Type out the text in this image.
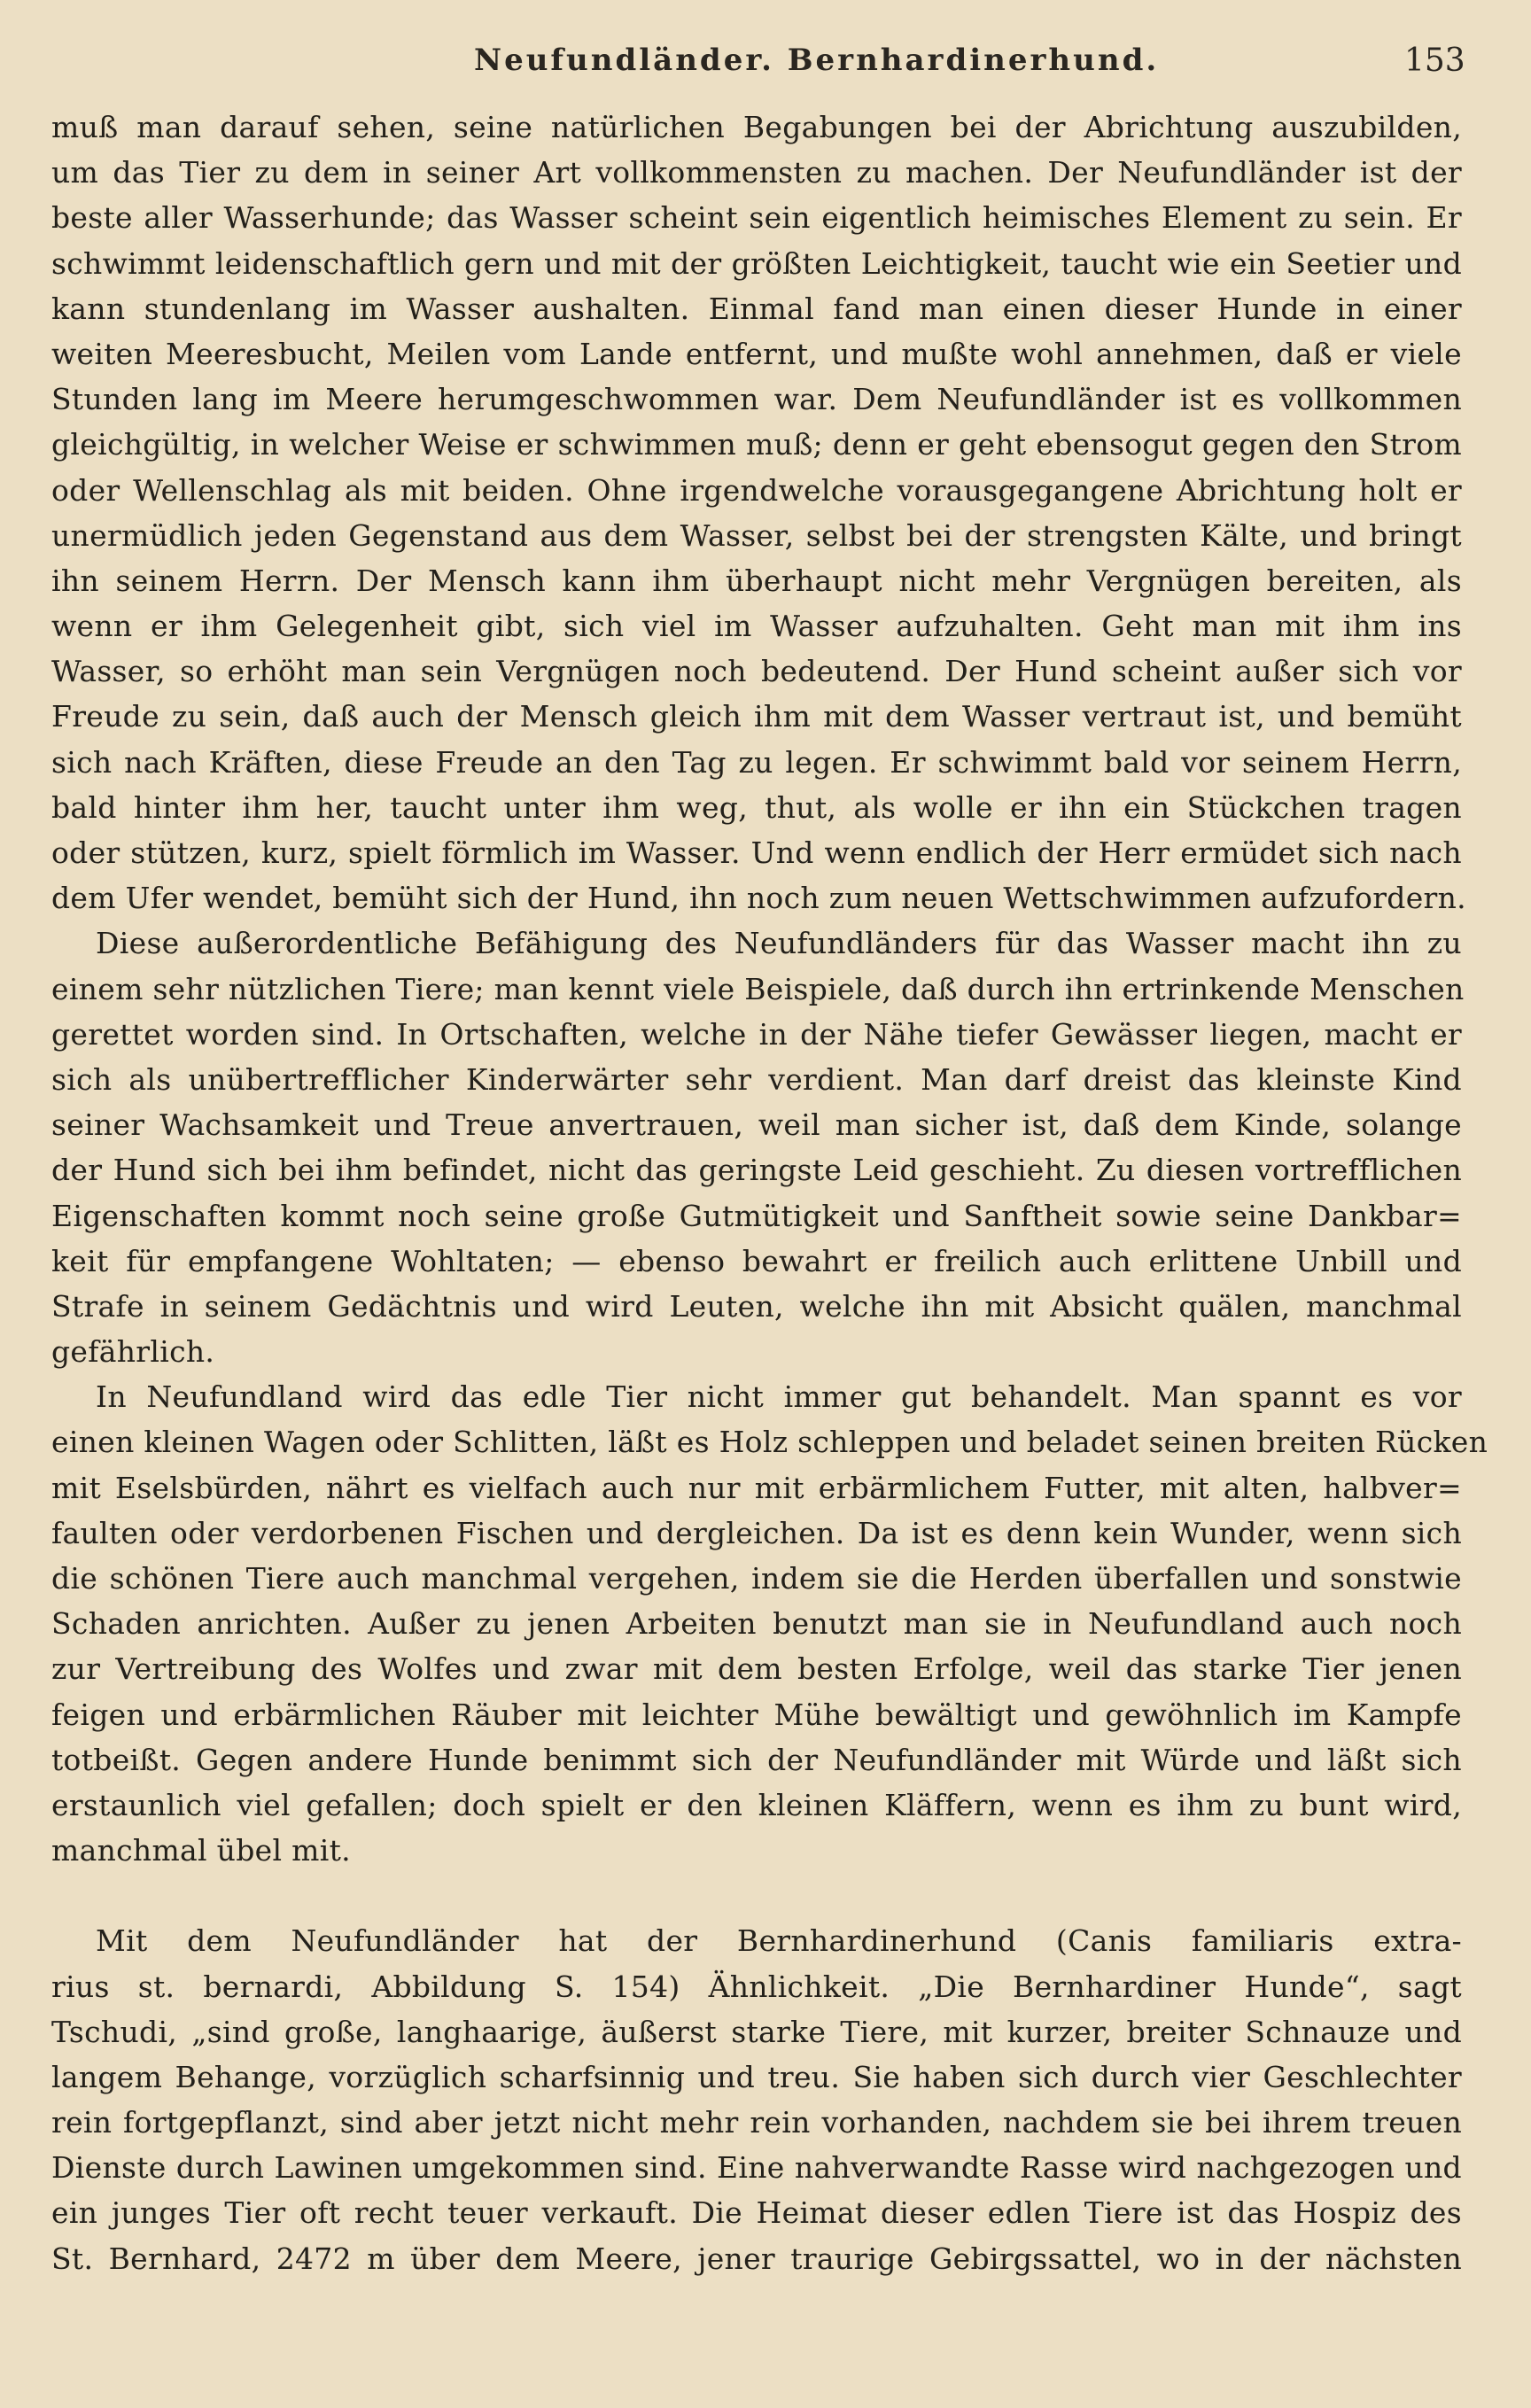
Neufundländer. Bernhardinerhund.	153
muß man darauf sehen, seine natürlichen Begabungen bei der Abrichtung auszubilden,
um das Tier zu dem in seiner Art vollkommensten zu machen. Der Neufundländer ist der
beste aller Wasserhunde; das Wasser scheint sein eigentlich heimisches Element zu sein. Er
schwimmt leidenschaftlich gern und mit der größten Leichtigkeit, taucht wie ein Seetier und
kann stundenlang im Wasser aushalten. Einmal fand man einen dieser Hunde in einer
weiten Meeresbucht, Meilen vom Lande entfernt, und mußte wohl annehmen, daß er viele
Stunden lang im Meere herumgeschwommen war. Dem Neufundländer ist es vollkommen
gleichgültig, in welcher Weise er schwimmen muß; denn er geht ebensogut gegen den Strom
oder Wellenschlag als mit beiden. Ohne irgendwelche vorausgegangene Abrichtung holt er
unermüdlich jeden Gegenstand aus dem Wasser, selbst bei der strengsten Kälte, und bringt
ihn seinem Herrn. Der Mensch kann ihm überhaupt nicht mehr Vergnügen bereiten, als
wenn er ihm Gelegenheit gibt, sich viel im Wasser aufzuhalten. Geht man mit ihm ins
Wasser, so erhöht man sein Vergnügen noch bedeutend. Der Hund scheint außer sich vor
Freude zu sein, daß auch der Mensch gleich ihm mit dem Wasser vertraut ist, und bemüht
sich nach Kräften, diese Freude an den Tag zu legen. Er schwimmt bald vor seinem Herrn,
bald hinter ihm her, taucht unter ihm weg, thut, als wolle er ihn ein Stückchen tragen
oder stützen, kurz, spielt förmlich im Wasser. Und wenn endlich der Herr ermüdet sich nach
dem Ufer wendet, bemüht sich der Hund, ihn noch zum neuen Wettschwimmen aufzufordern.
Diese außerordentliche Befähigung des Neufundländers für das Wasser macht ihn zu
einem sehr nützlichen Tiere; man kennt viele Beispiele, daß durch ihn ertrinkende Menschen
gerettet worden sind. In Ortschaften, welche in der Nähe tiefer Gewässer liegen, macht er
sich als unübertrefflicher Kinderwärter sehr verdient. Man darf dreist das kleinste Kind
seiner Wachsamkeit und Treue anvertrauen, weil man sicher ist, daß dem Kinde, solange
der Hund sich bei ihm befindet, nicht das geringste Leid geschieht. Zu diesen vortrefflichen
Eigenschaften kommt noch seine große Gutmütigkeit und Sanftheit sowie seine Dankbar=
keit für empfangene Wohltaten; — ebenso bewahrt er freilich auch erlittene Unbill und
Strafe in seinem Gedächtnis und wird Leuten, welche ihn mit Absicht quälen, manchmal
gefährlich.
In Neufundland wird das edle Tier nicht immer gut behandelt. Man spannt es vor
einen kleinen Wagen oder Schlitten, läßt es Holz schleppen und beladet seinen breiten Rücken
mit Eselsbürden, nährt es vielfach auch nur mit erbärmlichem Futter, mit alten, halbver=
faulten oder verdorbenen Fischen und dergleichen. Da ist es denn kein Wunder, wenn sich
die schönen Tiere auch manchmal vergehen, indem sie die Herden überfallen und sonstwie
Schaden anrichten. Außer zu jenen Arbeiten benutzt man sie in Neufundland auch noch
zur Vertreibung des Wolfes und zwar mit dem besten Erfolge, weil das starke Tier jenen
feigen und erbärmlichen Räuber mit leichter Mühe bewältigt und gewöhnlich im Kampfe
totbeißt. Gegen andere Hunde benimmt sich der Neufundländer mit Würde und läßt sich
erstaunlich viel gefallen; doch spielt er den kleinen Kläffern, wenn es ihm zu bunt wird,
manchmal übel mit.
Mit dem Neufundländer hat der Bernhardinerhund (Canis familiaris extra-
rius st. bernardi, Abbildung S. 154) Ähnlichkeit. „Die Bernhardiner Hunde“, sagt
Tschudi, „sind große, langhaarige, äußerst starke Tiere, mit kurzer, breiter Schnauze und
langem Behange, vorzüglich scharfsinnig und treu. Sie haben sich durch vier Geschlechter
rein fortgepflanzt, sind aber jetzt nicht mehr rein vorhanden, nachdem sie bei ihrem treuen
Dienste durch Lawinen umgekommen sind. Eine nahverwandte Rasse wird nachgezogen und
ein junges Tier oft recht teuer verkauft. Die Heimat dieser edlen Tiere ist das Hospiz des
St. Bernhard, 2472 m über dem Meere, jener traurige Gebirgssattel, wo in der nächsten
